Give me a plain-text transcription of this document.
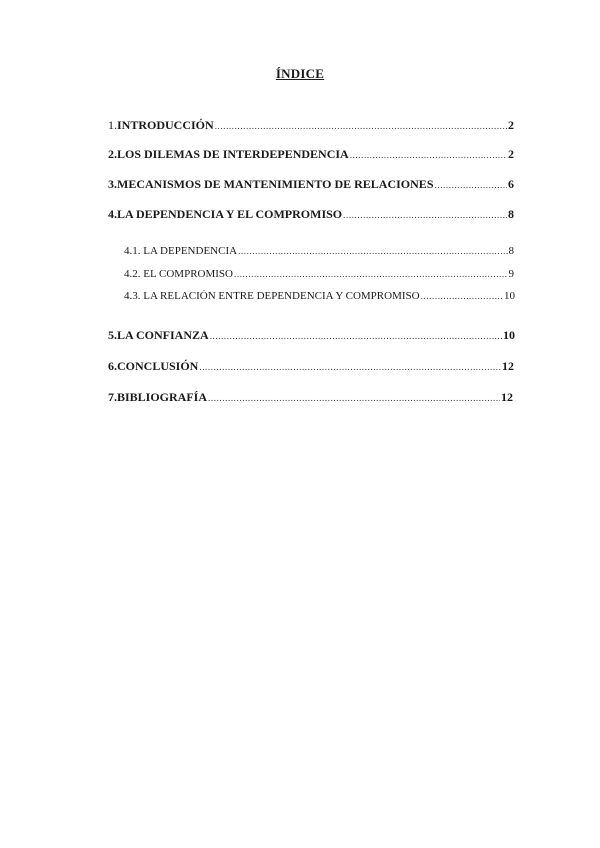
ÍNDICE
1. INTRODUCCIÓN .....	2
2. LOS DILEMAS DE INTERDEPENDENCIA .....	2
3. MECANISMOS DE MANTENIMIENTO DE RELACIONES .....	6
4. LA DEPENDENCIA Y EL COMPROMISO .....	8
4.1. LA DEPENDENCIA .....	8
4.2. EL COMPROMISO .....	9
4.3. LA RELACIÓN ENTRE DEPENDENCIA Y COMPROMISO .....	10
5. LA CONFIANZA .....	10
6. CONCLUSIÓN .....	12
7. BIBLIOGRAFÍA .....	12
